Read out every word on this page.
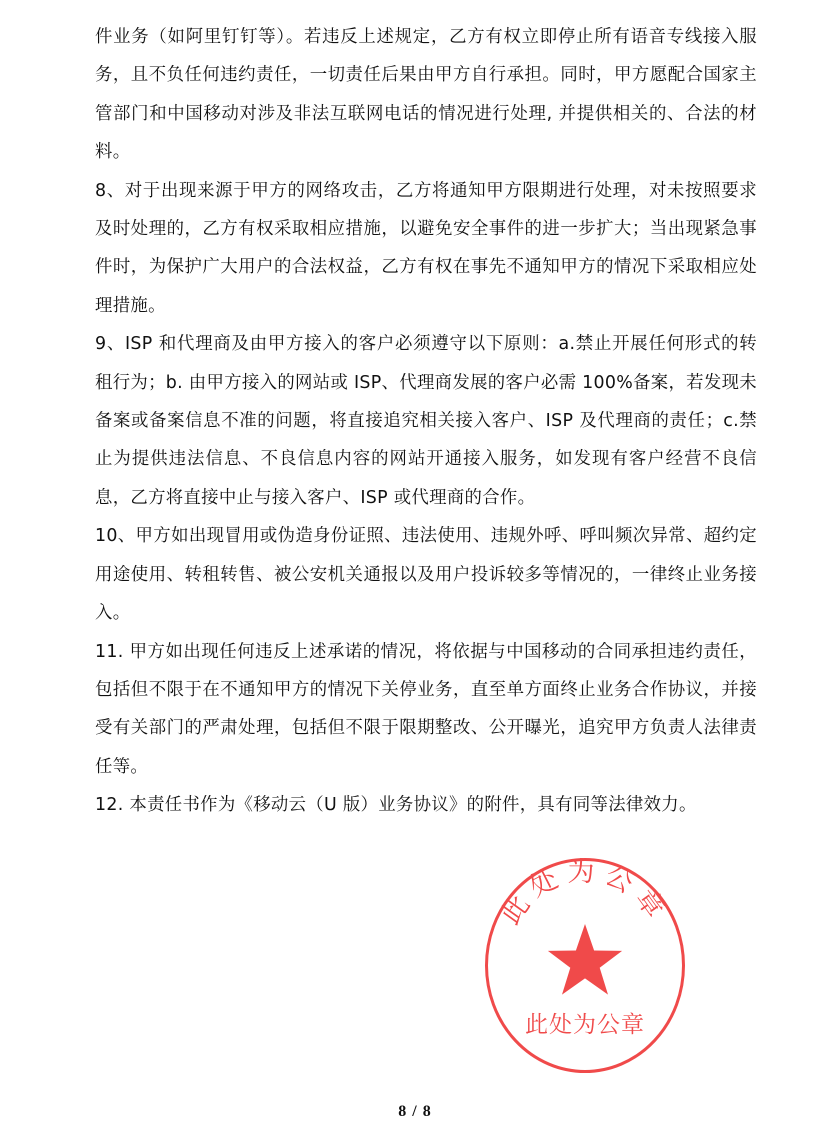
件业务（如阿里钉钉等）。若违反上述规定，乙方有权立即停止所有语音专线接入服务，且不负任何违约责任，一切责任后果由甲方自行承担。同时，甲方愿配合国家主管部门和中国移动对涉及非法互联网电话的情况进行处理, 并提供相关的、合法的材料。

8、对于出现来源于甲方的网络攻击，乙方将通知甲方限期进行处理，对未按照要求及时处理的，乙方有权采取相应措施，以避免安全事件的进一步扩大；当出现紧急事件时，为保护广大用户的合法权益，乙方有权在事先不通知甲方的情况下采取相应处理措施。

9、ISP 和代理商及由甲方接入的客户必须遵守以下原则：a.禁止开展任何形式的转租行为；b. 由甲方接入的网站或 ISP、代理商发展的客户必需 100%备案，若发现未备案或备案信息不准的问题，将直接追究相关接入客户、ISP 及代理商的责任；c.禁止为提供违法信息、不良信息内容的网站开通接入服务，如发现有客户经营不良信息，乙方将直接中止与接入客户、ISP 或代理商的合作。

10、甲方如出现冒用或伪造身份证照、违法使用、违规外呼、呼叫频次异常、超约定用途使用、转租转售、被公安机关通报以及用户投诉较多等情况的，一律终止业务接入。

11. 甲方如出现任何违反上述承诺的情况，将依据与中国移动的合同承担违约责任，包括但不限于在不通知甲方的情况下关停业务，直至单方面终止业务合作协议，并接受有关部门的严肃处理，包括但不限于限期整改、公开曝光，追究甲方负责人法律责任等。

12. 本责任书作为《移动云（U 版）业务协议》的附件，具有同等法律效力。

此处为公章
此处为公章
8 / 8
